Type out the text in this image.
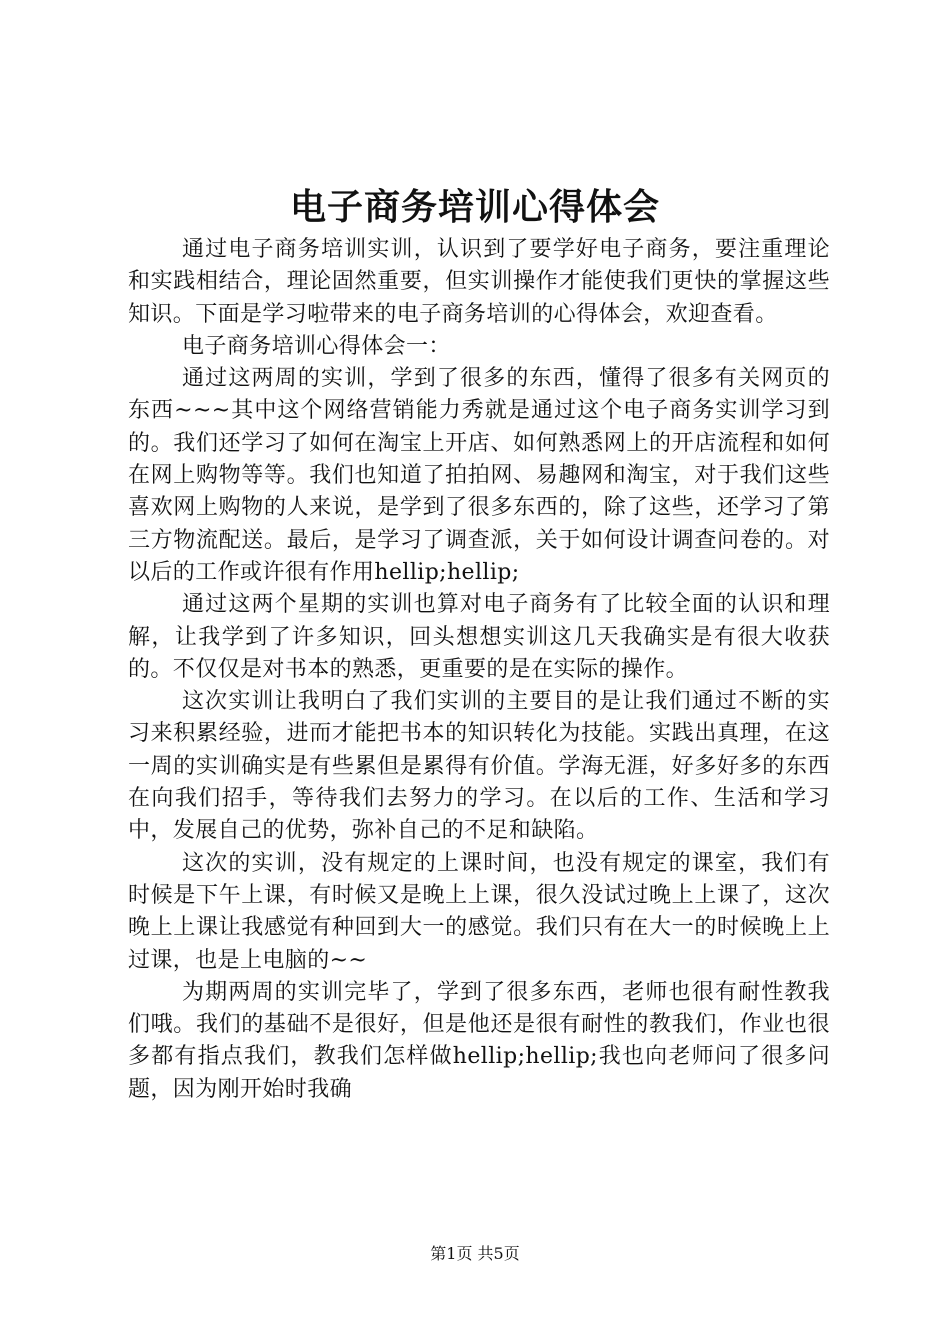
电子商务培训心得体会

通过电子商务培训实训，认识到了要学好电子商务，要注重理论和实践相结合，理论固然重要，但实训操作才能使我们更快的掌握这些知识。下面是学习啦带来的电子商务培训的心得体会，欢迎查看。

电子商务培训心得体会一：

通过这两周的实训，学到了很多的东西，懂得了很多有关网页的东西~~~其中这个网络营销能力秀就是通过这个电子商务实训学习到的。我们还学习了如何在淘宝上开店、如何熟悉网上的开店流程和如何在网上购物等等。我们也知道了拍拍网、易趣网和淘宝，对于我们这些喜欢网上购物的人来说，是学到了很多东西的，除了这些，还学习了第三方物流配送。最后，是学习了调查派，关于如何设计调查问卷的。对以后的工作或许很有作用hellip;hellip;

通过这两个星期的实训也算对电子商务有了比较全面的认识和理解，让我学到了许多知识，回头想想实训这几天我确实是有很大收获的。不仅仅是对书本的熟悉，更重要的是在实际的操作。

这次实训让我明白了我们实训的主要目的是让我们通过不断的实习来积累经验，进而才能把书本的知识转化为技能。实践出真理，在这一周的实训确实是有些累但是累得有价值。学海无涯，好多好多的东西在向我们招手，等待我们去努力的学习。在以后的工作、生活和学习中，发展自己的优势，弥补自己的不足和缺陷。

这次的实训，没有规定的上课时间，也没有规定的课室，我们有时候是下午上课，有时候又是晚上上课，很久没试过晚上上课了，这次晚上上课让我感觉有种回到大一的感觉。我们只有在大一的时候晚上上过课，也是上电脑的~~

为期两周的实训完毕了，学到了很多东西，老师也很有耐性教我们哦。我们的基础不是很好，但是他还是很有耐性的教我们，作业也很多都有指点我们，教我们怎样做hellip;hellip;我也向老师问了很多问题，因为刚开始时我确

第1页 共5页
